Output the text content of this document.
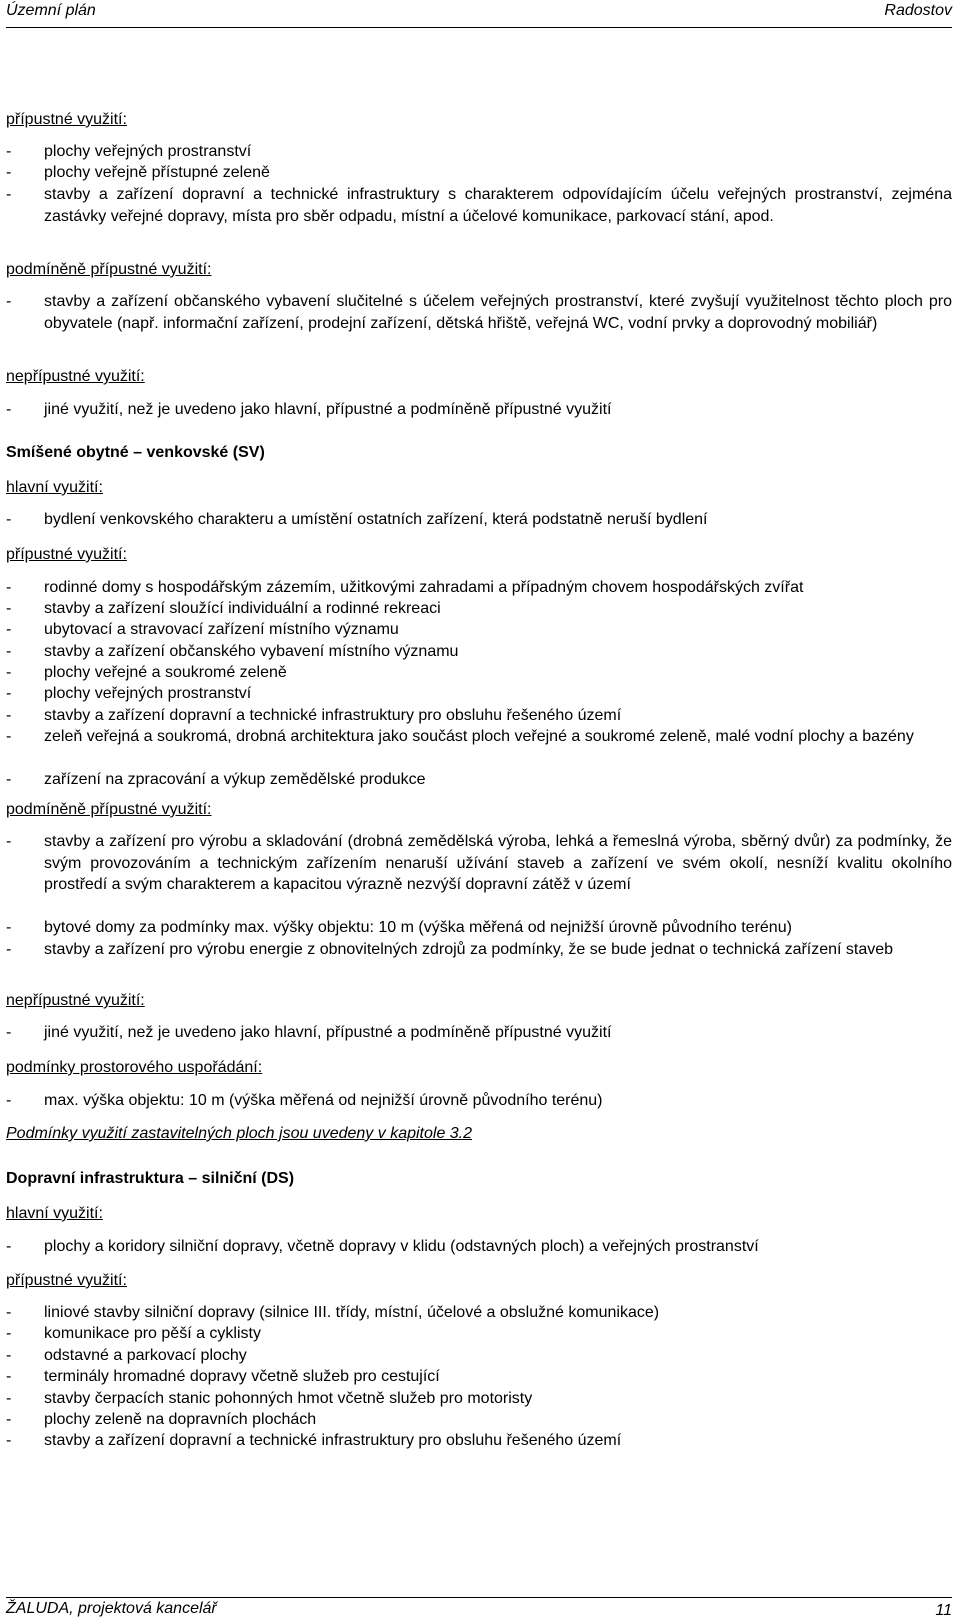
Územní plán	Radostov
přípustné využití:
- plochy veřejných prostranství
- plochy veřejně přístupné zeleně
- stavby a zařízení dopravní a technické infrastruktury s charakterem odpovídajícím účelu veřejných prostranství, zejména zastávky veřejné dopravy, místa pro sběr odpadu, místní a účelové komunikace, parkovací stání, apod.
podmíněně přípustné využití:
- stavby a zařízení občanského vybavení slučitelné s účelem veřejných prostranství, které zvyšují využitelnost těchto ploch pro obyvatele (např. informační zařízení, prodejní zařízení, dětská hřiště, veřejná WC, vodní prvky a doprovodný mobiliář)
nepřípustné využití:
- jiné využití, než je uvedeno jako hlavní, přípustné a podmíněně přípustné využití
Smíšené obytné – venkovské (SV)
hlavní využití:
- bydlení venkovského charakteru a umístění ostatních zařízení, která podstatně neruší bydlení
přípustné využití:
- rodinné domy s hospodářským zázemím, užitkovými zahradami a případným chovem hospodářských zvířat
- stavby a zařízení sloužící individuální a rodinné rekreaci
- ubytovací a stravovací zařízení místního významu
- stavby a zařízení občanského vybavení místního významu
- plochy veřejné a soukromé zeleně
- plochy veřejných prostranství
- stavby a zařízení dopravní a technické infrastruktury pro obsluhu řešeného území
- zeleň veřejná a soukromá, drobná architektura jako součást ploch veřejné a soukromé zeleně, malé vodní plochy a bazény
- zařízení na zpracování a výkup zemědělské produkce
podmíněně přípustné využití:
- stavby a zařízení pro výrobu a skladování (drobná zemědělská výroba, lehká a řemeslná výroba, sběrný dvůr) za podmínky, že svým provozováním a technickým zařízením nenaruší užívání staveb a zařízení ve svém okolí, nesníží kvalitu okolního prostředí a svým charakterem a kapacitou výrazně nezvýší dopravní zátěž v území
- bytové domy za podmínky max. výšky objektu: 10 m (výška měřená od nejnižší úrovně původního terénu)
- stavby a zařízení pro výrobu energie z obnovitelných zdrojů za podmínky, že se bude jednat o technická zařízení staveb
nepřípustné využití:
- jiné využití, než je uvedeno jako hlavní, přípustné a podmíněně přípustné využití
podmínky prostorového uspořádání:
- max. výška objektu: 10 m (výška měřená od nejnižší úrovně původního terénu)
Podmínky využití zastavitelných ploch jsou uvedeny v kapitole 3.2
Dopravní infrastruktura – silniční (DS)
hlavní využití:
- plochy a koridory silniční dopravy, včetně dopravy v klidu (odstavných ploch) a veřejných prostranství
přípustné využití:
- liniové stavby silniční dopravy (silnice III. třídy, místní, účelové a obslužné komunikace)
- komunikace pro pěší a cyklisty
- odstavné a parkovací plochy
- terminály hromadné dopravy včetně služeb pro cestující
- stavby čerpacích stanic pohonných hmot včetně služeb pro motoristy
- plochy zeleně na dopravních plochách
- stavby a zařízení dopravní a technické infrastruktury pro obsluhu řešeného území
ŽALUDA, projektová kancelář	11
